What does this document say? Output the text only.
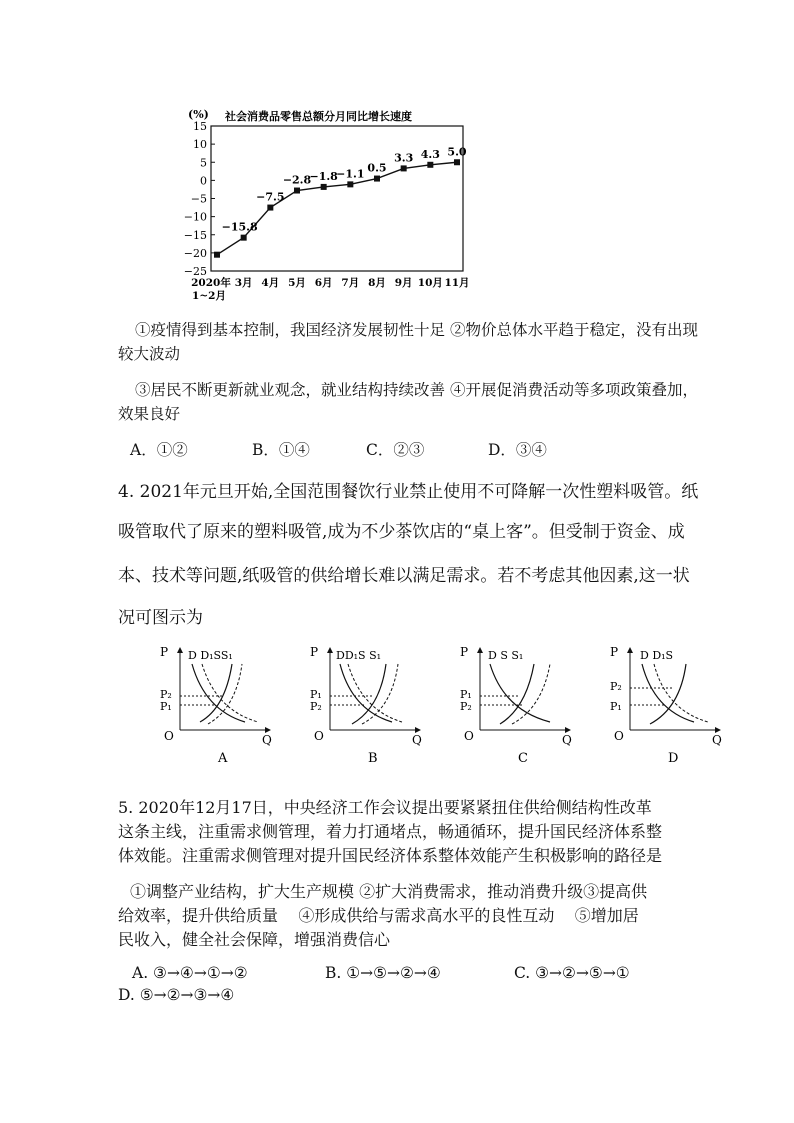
(%) 社会消费品零售总额分月同比增长速度
15
10
5
0
−5
−10
−15
−20
−25
2020年 3月 4月 5月 6月 7月 8月 9月 10月 11月
1~2月
−15.8
−7.5
−2.8
−1.8
−1.1 0.5
3.3 4.3 5.0
①疫情得到基本控制，我国经济发展韧性十足 ②物价总体水平趋于稳定，没有出现
较大波动
③居民不断更新就业观念，就业结构持续改善 ④开展促消费活动等多项政策叠加，
效果良好
A．①②	B．①④	C．②③	D．③④
4. 2021年元旦开始,全国范围餐饮行业禁止使用不可降解一次性塑料吸管。纸
吸管取代了原来的塑料吸管,成为不少茶饮店的“桌上客”。但受制于资金、成
本、技术等问题,纸吸管的供给增长难以满足需求。若不考虑其他因素,这一状
况可图示为
P
Q
O
D D₁SS₁
P₂
P₁
A
P
Q
O
DD₁S S₁
P₁
P₂
B
P
Q
O
D S S₁
P₁
P₂
C
P
Q
O
D D₁S
P₂
P₁
D
5. 2020年12月17日，中央经济工作会议提出要紧紧扭住供给侧结构性改革
这条主线，注重需求侧管理，着力打通堵点，畅通循环，提升国民经济体系整
体效能。注重需求侧管理对提升国民经济体系整体效能产生积极影响的路径是
①调整产业结构，扩大生产规模 ②扩大消费需求，推动消费升级③提高供
给效率，提升供给质量    ④形成供给与需求高水平的良性互动    ⑤增加居
民收入，健全社会保障，增强消费信心
A. ③→④→①→②	B. ①→⑤→②→④	C. ③→②→⑤→①
D. ⑤→②→③→④
